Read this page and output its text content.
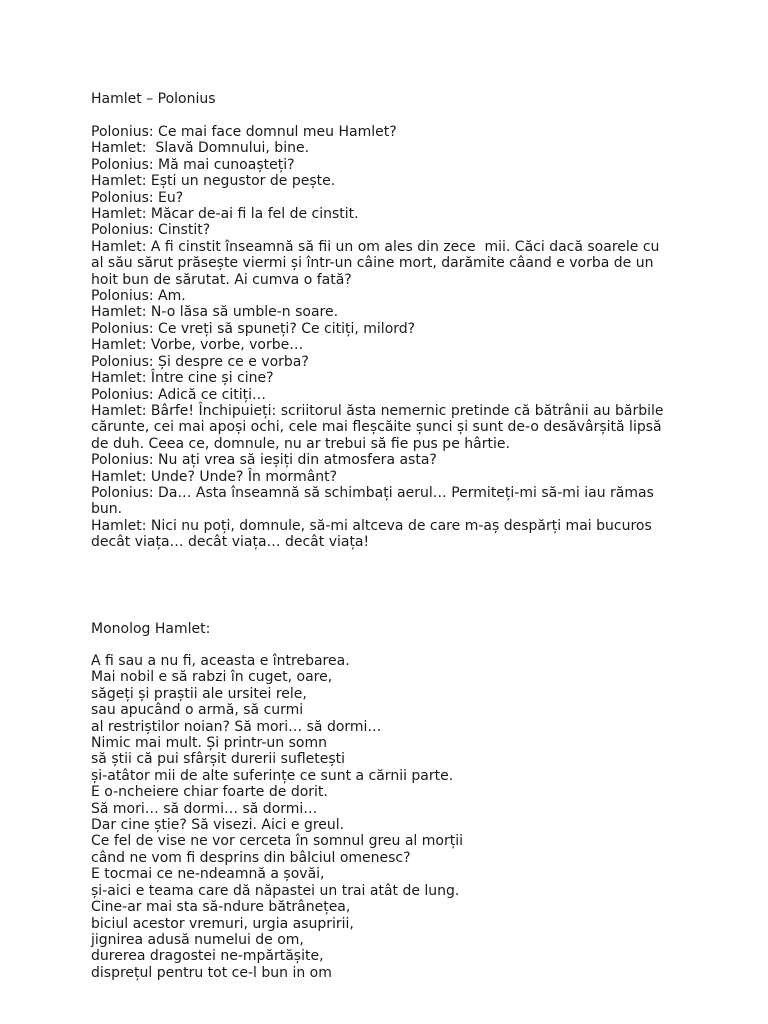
Hamlet – Polonius
Polonius: Ce mai face domnul meu Hamlet?
Hamlet:  Slavă Domnului, bine.
Polonius: Mă mai cunoașteți?
Hamlet: Ești un negustor de pește.
Polonius: Eu?
Hamlet: Măcar de-ai fi la fel de cinstit.
Polonius: Cinstit?
Hamlet: A fi cinstit înseamnă să fii un om ales din zece  mii. Căci dacă soarele cu
al său sărut prăsește viermi și într-un câine mort, darămite câand e vorba de un
hoit bun de sărutat. Ai cumva o fată?
Polonius: Am.
Hamlet: N-o lăsa să umble-n soare.
Polonius: Ce vreți să spuneți? Ce citiți, milord?
Hamlet: Vorbe, vorbe, vorbe…
Polonius: Și despre ce e vorba?
Hamlet: Între cine și cine?
Polonius: Adică ce citiți…
Hamlet: Bârfe! Închipuieți: scriitorul ăsta nemernic pretinde că bătrânii au bărbile
cărunte, cei mai apoși ochi, cele mai fleșcăite șunci și sunt de-o desăvârșită lipsă
de duh. Ceea ce, domnule, nu ar trebui să fie pus pe hârtie.
Polonius: Nu ați vrea să ieșiți din atmosfera asta?
Hamlet: Unde? Unde? În mormânt?
Polonius: Da… Asta înseamnă să schimbați aerul… Permiteți-mi să-mi iau rămas
bun.
Hamlet: Nici nu poți, domnule, să-mi altceva de care m-aș despărți mai bucuros
decât viața… decât viața… decât viața!
Monolog Hamlet:
A fi sau a nu fi, aceasta e întrebarea.
Mai nobil e să rabzi în cuget, oare,
săgeți și praștii ale ursitei rele,
sau apucând o armă, să curmi
al restriștilor noian? Să mori… să dormi…
Nimic mai mult. Și printr-un somn
să știi că pui sfârșit durerii sufletești
și-atâtor mii de alte suferințe ce sunt a cărnii parte.
E o-ncheiere chiar foarte de dorit.
Să mori… să dormi… să dormi…
Dar cine știe? Să visezi. Aici e greul.
Ce fel de vise ne vor cerceta în somnul greu al morții
când ne vom fi desprins din bâlciul omenesc?
E tocmai ce ne-ndeamnă a șovăi,
și-aici e teama care dă năpastei un trai atât de lung.
Cine-ar mai sta să-ndure bătrânețea,
biciul acestor vremuri, urgia asupririi,
jignirea adusă numelui de om,
durerea dragostei ne-mpărtășite,
disprețul pentru tot ce-l bun in om
